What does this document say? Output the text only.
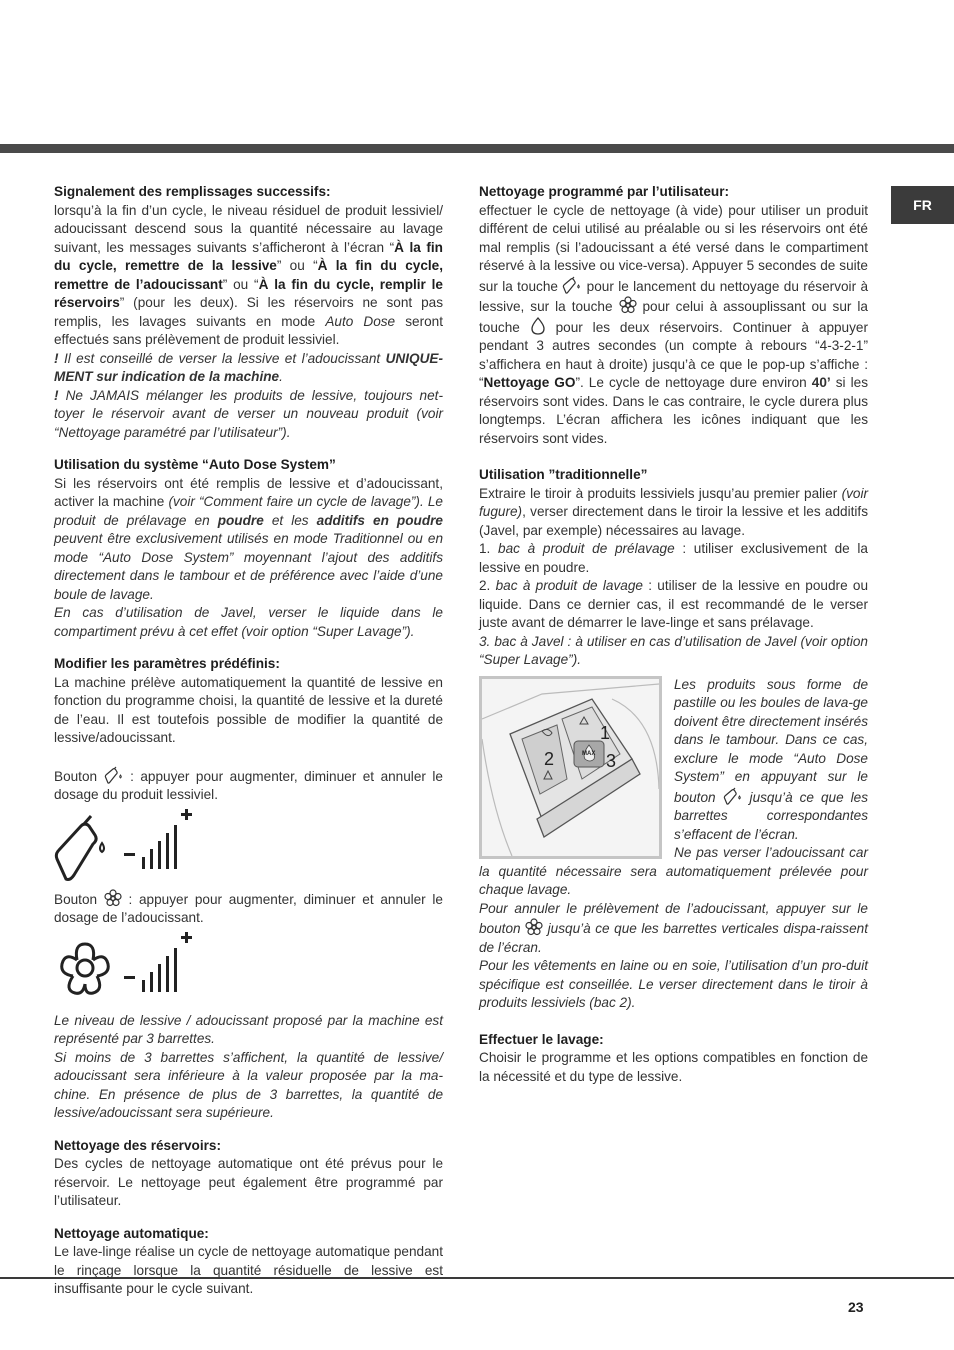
FR
Signalement des remplissages successifs:

lorsqu’à la fin d’un cycle, le niveau résiduel de produit lessiviel/ adoucissant descend sous la quantité nécessaire au lavage suivant, les messages suivants s’afficheront à l’écran “À la fin du cycle, remettre de la lessive” ou “À la fin du cycle, remettre de l’adoucissant” ou “À la fin du cycle, remplir le réservoirs” (pour les deux). Si les réservoirs ne sont pas remplis, les lavages suivants en mode Auto Dose seront effectués sans prélèvement de produit lessiviel.

! Il est conseillé de verser la lessive et l’adoucissant UNIQUE-MENT sur indication de la machine.

! Ne JAMAIS mélanger les produits de lessive, toujours net-toyer le réservoir avant de verser un nouveau produit (voir “Nettoyage paramétré par l’utilisateur”).

Utilisation du système “Auto Dose System”

Si les réservoirs ont été remplis de lessive et d’adoucissant, activer la machine (voir “Comment faire un cycle de lavage”). Le produit de prélavage en poudre et les additifs en poudre peuvent être exclusivement utilisés en mode Traditionnel ou en mode “Auto Dose System” moyennant l’ajout des additifs directement dans le tambour et de préférence avec l’aide d’une boule de lavage.

En cas d’utilisation de Javel, verser le liquide dans le compartiment prévu à cet effet (voir option “Super Lavage”).

Modifier les paramètres prédéfinis:

La machine prélève automatiquement la quantité de lessive en fonction du programme choisi, la quantité de lessive et la dureté de l’eau. Il est toutefois possible de modifier la quantité de lessive/adoucissant.

Bouton
: appuyer pour augmenter, diminuer et annuler le dosage du produit lessiviel.

Bouton
: appuyer pour augmenter, diminuer et annuler le dosage de l’adoucissant.

Le niveau de lessive / adoucissant proposé par la machine est représenté par 3 barrettes.

Si moins de 3 barrettes s’affichent, la quantité de lessive/ adoucissant sera inférieure à la valeur proposée par la ma-chine. En présence de plus de 3 barrettes, la quantité de lessive/adoucissant sera supérieure.

Nettoyage des réservoirs:

Des cycles de nettoyage automatique ont été prévus pour le réservoir. Le nettoyage peut également être programmé par l’utilisateur.

Nettoyage automatique:

Le lave-linge réalise un cycle de nettoyage automatique pendant le rinçage lorsque la quantité résiduelle de lessive est insuffisante pour le cycle suivant.

Nettoyage programmé par l’utilisateur:

effectuer le cycle de nettoyage (à vide) pour utiliser un produit différent de celui utilisé au préalable ou si les réservoirs ont été mal remplis (si l’adoucissant a été versé dans le compartiment réservé à la lessive ou vice-versa). Appuyer 5 secondes de suite sur la touche
pour le lancement du nettoyage du réservoir à lessive, sur la touche
pour celui à assouplissant ou sur la touche
pour les deux réservoirs. Continuer à appuyer pendant 3 autres secondes (un compte à rebours “4-3-2-1” s’affichera en haut à droite) jusqu’à ce que le pop-up s’affiche : “Nettoyage GO”. Le cycle de nettoyage dure environ 40’ si les réservoirs sont vides. Dans le cas contraire, le cycle durera plus longtemps. L’écran affichera les icônes indiquant que les réservoirs sont vides.

Utilisation ”traditionnelle”

Extraire le tiroir à produits lessiviels jusqu’au premier palier (voir fugure), verser directement dans le tiroir la lessive et les additifs (Javel, par exemple) nécessaires au lavage.

1. bac à produit de prélavage : utiliser exclusivement de la lessive en poudre.

2. bac à produit de lavage : utiliser de la lessive en poudre ou liquide. Dans ce dernier cas, il est recommandé de le verser juste avant de démarrer le lave-linge et sans prélavage.

3. bac à Javel : à utiliser en cas d’utilisation de Javel (voir option “Super Lavage”).

MAX
1
2	3

Les produits sous forme de pastille ou les boules de lava-ge doivent être directement insérés dans le tambour. Dans ce cas, exclure le mode “Auto Dose System” en appuyant sur le bouton
jusqu’à ce que les barrettes correspondantes s’effacent de l’écran.

Ne pas verser l’adoucissant car la quantité nécessaire sera automatiquement prélevée pour chaque lavage.

Pour annuler le prélèvement de l’adoucissant, appuyer sur le bouton
jusqu’à ce que les barrettes verticales dispa-raissent de l’écran.

Pour les vêtements en laine ou en soie, l’utilisation d’un pro-duit spécifique est conseillée. Le verser directement dans le tiroir à produits lessiviels (bac 2).

Effectuer le lavage:

Choisir le programme et les options compatibles en fonction de la nécessité et du type de lessive.

23
